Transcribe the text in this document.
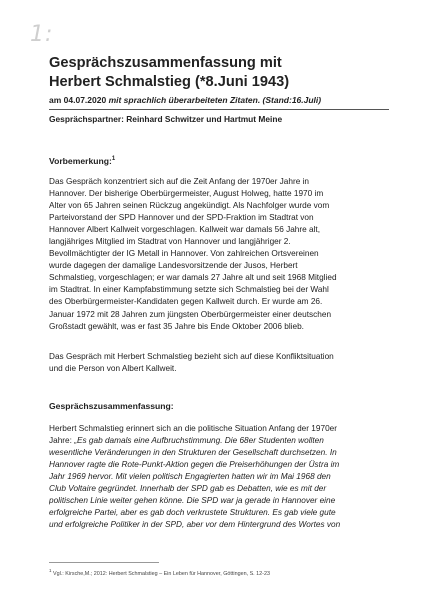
1:
Gesprächszusammenfassung mit
Herbert Schmalstieg (*8.Juni 1943)
am 04.07.2020 mit sprachlich überarbeiteten Zitaten. (Stand:16.Juli)
Gesprächspartner: Reinhard Schwitzer und Hartmut Meine
Vorbemerkung:$^1$
Das Gespräch konzentriert sich auf die Zeit Anfang der 1970er Jahre in
Hannover. Der bisherige Oberbürgermeister, August Holweg, hatte 1970 im
Alter von 65 Jahren seinen Rückzug angekündigt. Als Nachfolger wurde vom
Parteivorstand der SPD Hannover und der SPD-Fraktion im Stadtrat von
Hannover Albert Kallweit vorgeschlagen. Kallweit war damals 56 Jahre alt,
langjähriges Mitglied im Stadtrat von Hannover und langjähriger 2.
Bevollmächtigter der IG Metall in Hannover. Von zahlreichen Ortsvereinen
wurde dagegen der damalige Landesvorsitzende der Jusos, Herbert
Schmalstieg, vorgeschlagen; er war damals 27 Jahre alt und seit 1968 Mitglied
im Stadtrat. In einer Kampfabstimmung setzte sich Schmalstieg bei der Wahl
des Oberbürgermeister-Kandidaten gegen Kallweit durch. Er wurde am 26.
Januar 1972 mit 28 Jahren zum jüngsten Oberbürgermeister einer deutschen
Großstadt gewählt, was er fast 35 Jahre bis Ende Oktober 2006 blieb.
Das Gespräch mit Herbert Schmalstieg bezieht sich auf diese Konfliktsituation
und die Person von Albert Kallweit.
Gesprächszusammenfassung:
Herbert Schmalstieg erinnert sich an die politische Situation Anfang der 1970er
Jahre: „Es gab damals eine Aufbruchstimmung. Die 68er Studenten wollten
wesentliche Veränderungen in den Strukturen der Gesellschaft durchsetzen. In
Hannover ragte die Rote-Punkt-Aktion gegen die Preiserhöhungen der Üstra im
Jahr 1969 hervor. Mit vielen politisch Engagierten hatten wir im Mai 1968 den
Club Voltaire gegründet. Innerhalb der SPD gab es Debatten, wie es mit der
politischen Linie weiter gehen könne. Die SPD war ja gerade in Hannover eine
erfolgreiche Partei, aber es gab doch verkrustete Strukturen. Es gab viele gute
und erfolgreiche Politiker in der SPD, aber vor dem Hintergrund des Wortes von
$^1$ Vgl.: Kirsche,M.; 2012: Herbert Schmalstieg – Ein Leben für Hannover, Göttingen, S. 12-23
